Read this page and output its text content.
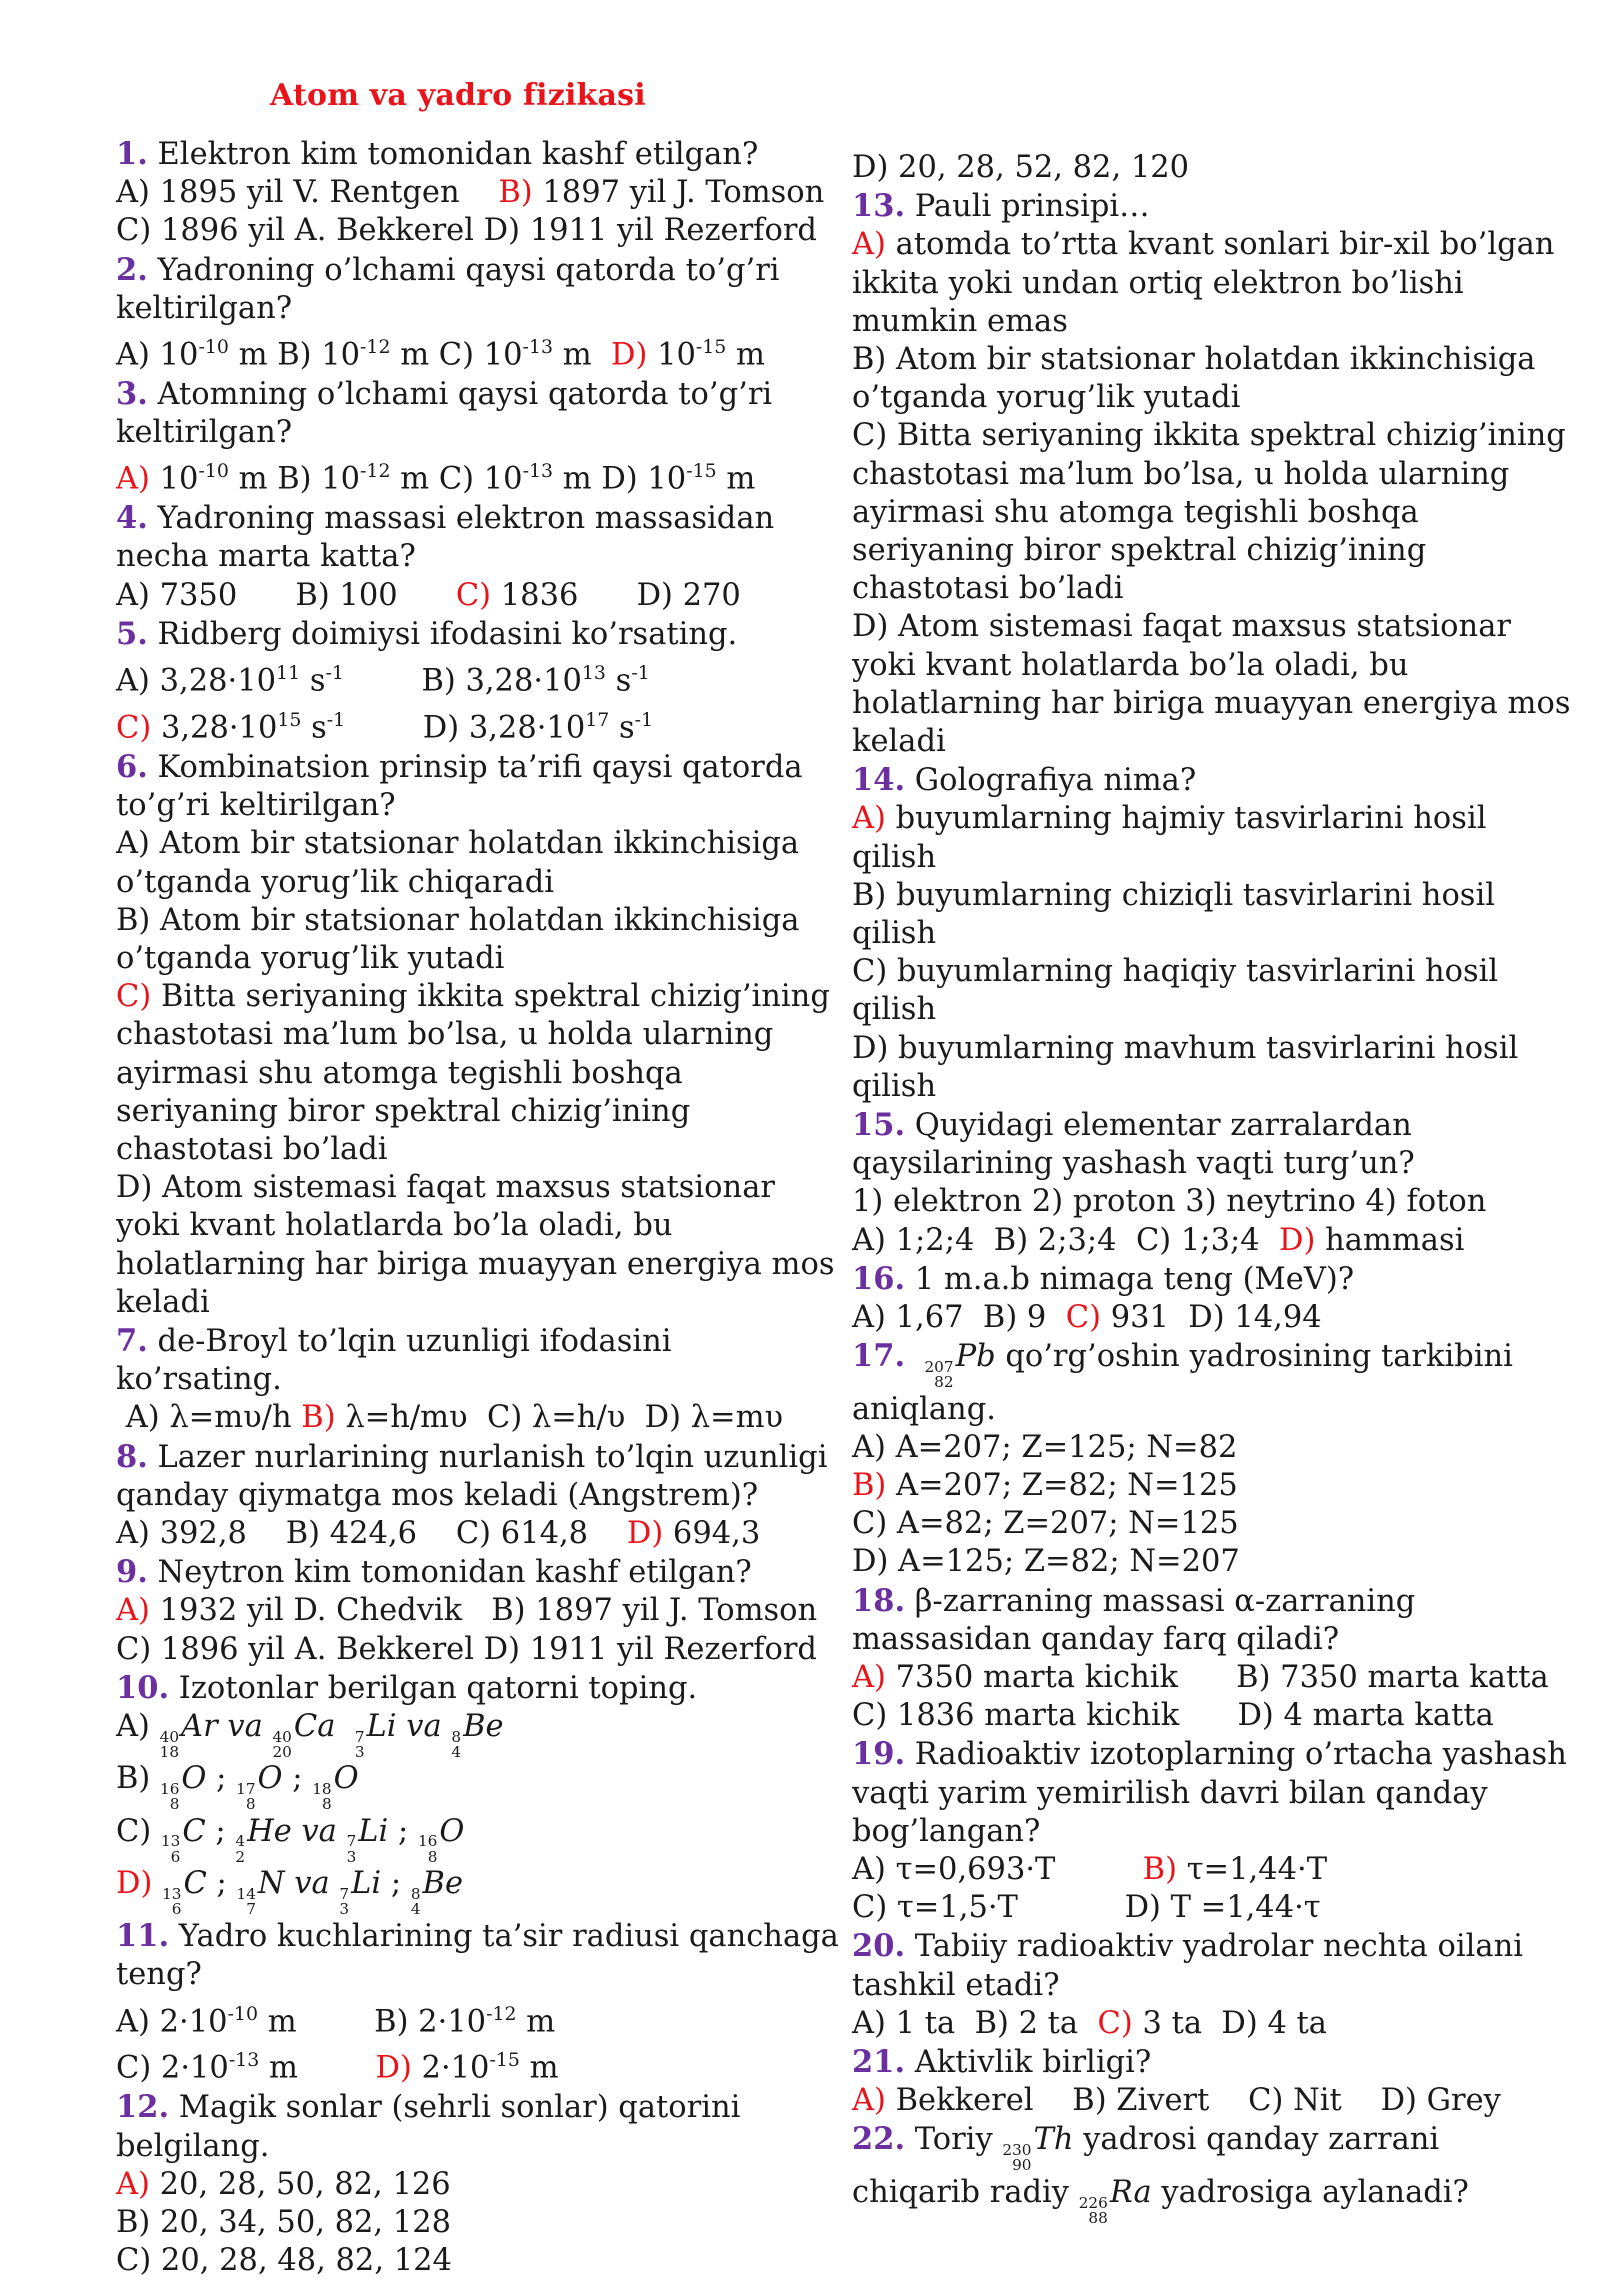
Atom va yadro fizikasi
1. Elektron kim tomonidan kashf etilgan?
A) 1895 yil V. Rentgen B) 1897 yil J. Tomson
C) 1896 yil A. Bekkerel D) 1911 yil Rezerford
2. Yadroning o’lchami qaysi qatorda to’g’ri
keltirilgan?
A) $10^{-10}$ m B) $10^{-12}$ m C) $10^{-13}$ m D) $10^{-15}$ m
3. Atomning o’lchami qaysi qatorda to’g’ri
keltirilgan?
A) $10^{-10}$ m B) $10^{-12}$ m C) $10^{-13}$ m D) $10^{-15}$ m
4. Yadroning massasi elektron massasidan
necha marta katta?
A) 7350 B) 100 C) 1836 D) 270
5. Ridberg doimiysi ifodasini ko’rsating.
A) $3,28\cdot 10^{11}$ $s^{-1}$	B) $3,28\cdot 10^{13}$ $s^{-1}$
C) $3,28\cdot 10^{15}$ $s^{-1}$	D) $3,28\cdot 10^{17}$ $s^{-1}$
6. Kombinatsion prinsip ta’rifi qaysi qatorda
to’g’ri keltirilgan?
A) Atom bir statsionar holatdan ikkinchisiga
o’tganda yorug’lik chiqaradi
B) Atom bir statsionar holatdan ikkinchisiga
o’tganda yorug’lik yutadi
C) Bitta seriyaning ikkita spektral chizig’ining
chastotasi ma’lum bo’lsa, u holda ularning
ayirmasi shu atomga tegishli boshqa
seriyaning biror spektral chizig’ining
chastotasi bo’ladi
D) Atom sistemasi faqat maxsus statsionar
yoki kvant holatlarda bo’la oladi, bu
holatlarning har biriga muayyan energiya mos
keladi
7. de-Broyl to’lqin uzunligi ifodasini
ko’rsating.
A) λ=mυ/h B) λ=h/mυ C) λ=h/υ D) λ=mυ
8. Lazer nurlarining nurlanish to’lqin uzunligi
qanday qiymatga mos keladi (Angstrem)?
A) 392,8 B) 424,6 C) 614,8 D) 694,3
9. Neytron kim tomonidan kashf etilgan?
A) 1932 yil D. Chedvik B) 1897 yil J. Tomson
C) 1896 yil A. Bekkerel D) 1911 yil Rezerford
10. Izotonlar berilgan qatorni toping.
A) 40
18
Ar va 40
20
Ca 7
3
Li va 8
4
Be
B) 16
8
O ; 17
8
O ; 18
8
O
C) 13
6
C ; 4
2
He va 7
3
Li ; 16
8
O
D) 13
6
C ; 14
7
N va 7
3
Li ; 8
4
Be
11. Yadro kuchlarining ta’sir radiusi qanchaga
teng?
A) $2\cdot 10^{-10}$ m	B) $2\cdot 10^{-12}$ m
C) $2\cdot 10^{-13}$ m	D) $2\cdot 10^{-15}$ m
12. Magik sonlar (sehrli sonlar) qatorini
belgilang.
A) 20, 28, 50, 82, 126
B) 20, 34, 50, 82, 128
C) 20, 28, 48, 82, 124
D) 20, 28, 52, 82, 120
13. Pauli prinsipi…
A) atomda to’rtta kvant sonlari bir-xil bo’lgan
ikkita yoki undan ortiq elektron bo’lishi
mumkin emas
B) Atom bir statsionar holatdan ikkinchisiga
o’tganda yorug’lik yutadi
C) Bitta seriyaning ikkita spektral chizig’ining
chastotasi ma’lum bo’lsa, u holda ularning
ayirmasi shu atomga tegishli boshqa
seriyaning biror spektral chizig’ining
chastotasi bo’ladi
D) Atom sistemasi faqat maxsus statsionar
yoki kvant holatlarda bo’la oladi, bu
holatlarning har biriga muayyan energiya mos
keladi
14. Golografiya nima?
A) buyumlarning hajmiy tasvirlarini hosil
qilish
B) buyumlarning chiziqli tasvirlarini hosil
qilish
C) buyumlarning haqiqiy tasvirlarini hosil
qilish
D) buyumlarning mavhum tasvirlarini hosil
qilish
15. Quyidagi elementar zarralardan
qaysilarining yashash vaqti turg’un?
1) elektron 2) proton 3) neytrino 4) foton
A) 1;2;4 B) 2;3;4 C) 1;3;4 D) hammasi
16. 1 m.a.b nimaga teng (MeV)?
A) 1,67 B) 9 C) 931 D) 14,94
17. 207
82
Pb qo’rg’oshin yadrosining tarkibini
aniqlang.
A) A=207; Z=125; N=82
B) A=207; Z=82; N=125
C) A=82; Z=207; N=125
D) A=125; Z=82; N=207
18. β-zarraning massasi α-zarraning
massasidan qanday farq qiladi?
A) 7350 marta kichik B) 7350 marta katta
C) 1836 marta kichik D) 4 marta katta
19. Radioaktiv izotoplarning o’rtacha yashash
vaqti yarim yemirilish davri bilan qanday
bog’langan?
A) τ=0,693·T	B) τ=1,44·T
C) τ=1,5·T	D) T =1,44·τ
20. Tabiiy radioaktiv yadrolar nechta oilani
tashkil etadi?
A) 1 ta B) 2 ta C) 3 ta D) 4 ta
21. Aktivlik birligi?
A) Bekkerel B) Zivert C) Nit D) Grey
22. Toriy 230
90
Th yadrosi qanday zarrani
chiqarib radiy 226
88
Ra yadrosiga aylanadi?
